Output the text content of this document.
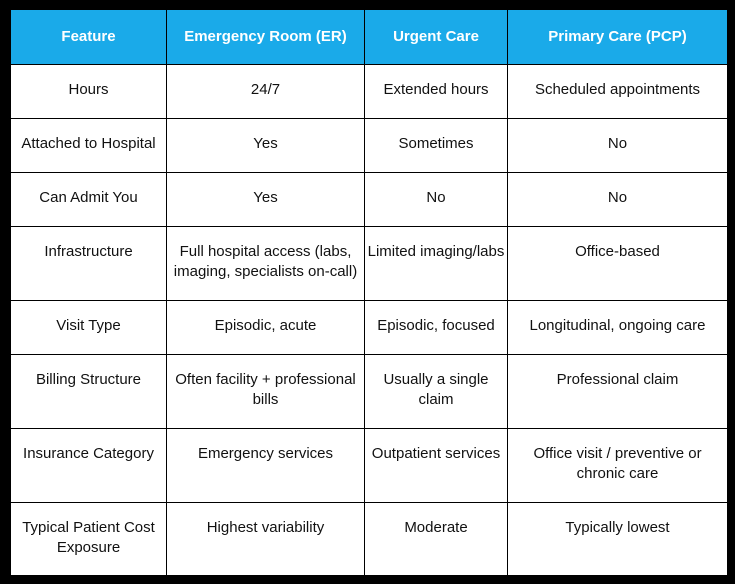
Feature	Emergency Room (ER)	Urgent Care	Primary Care (PCP)
Hours	24/7	Extended hours	Scheduled appointments
Attached to Hospital	Yes	Sometimes	No
Can Admit You	Yes	No	No
Infrastructure	Full hospital access (labs, imaging, specialists on-call)	Limited imaging/labs	Office-based
Visit Type	Episodic, acute	Episodic, focused	Longitudinal, ongoing care
Billing Structure	Often facility + professional bills	Usually a single claim	Professional claim
Insurance Category	Emergency services	Outpatient services	Office visit / preventive or chronic care
Typical Patient Cost Exposure	Highest variability	Moderate	Typically lowest
